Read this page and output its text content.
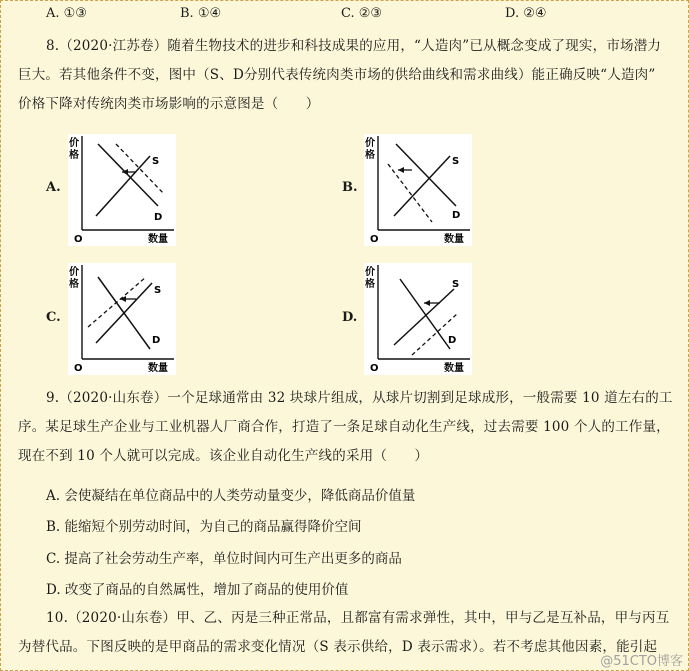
A. ①③	B. ①④	C. ②③	D. ②④
8.（2020·江苏卷）随着生物技术的进步和科技成果的应用，“人造肉”已从概念变成了现实，市场潜力
巨大。若其他条件不变，图中（S、D分别代表传统肉类市场的供给曲线和需求曲线）能正确反映“人造肉”
价格下降对传统肉类市场影响的示意图是（　　）
A.	B.
C.	D.
价
格
数量
O
S
D
价
格
数量
O
S
D
价
格
数量
O
S
D
价
格
数量
O
S
D
9.（2020·山东卷）一个足球通常由 32 块球片组成，从球片切割到足球成形，一般需要 10 道左右的工
序。某足球生产企业与工业机器人厂商合作，打造了一条足球自动化生产线，过去需要 100 个人的工作量，
现在不到 10 个人就可以完成。该企业自动化生产线的采用（　　）
A. 会使凝结在单位商品中的人类劳动量变少，降低商品价值量
B. 能缩短个别劳动时间，为自己的商品赢得降价空间
C. 提高了社会劳动生产率，单位时间内可生产出更多的商品
D. 改变了商品的自然属性，增加了商品的使用价值
10.（2020·山东卷）甲、乙、丙是三种正常品，且都富有需求弹性，其中，甲与乙是互补品，甲与丙互
为替代品。下图反映的是甲商品的需求变化情况（S 表示供给，D 表示需求）。若不考虑其他因素，能引起
@51CTO博客
